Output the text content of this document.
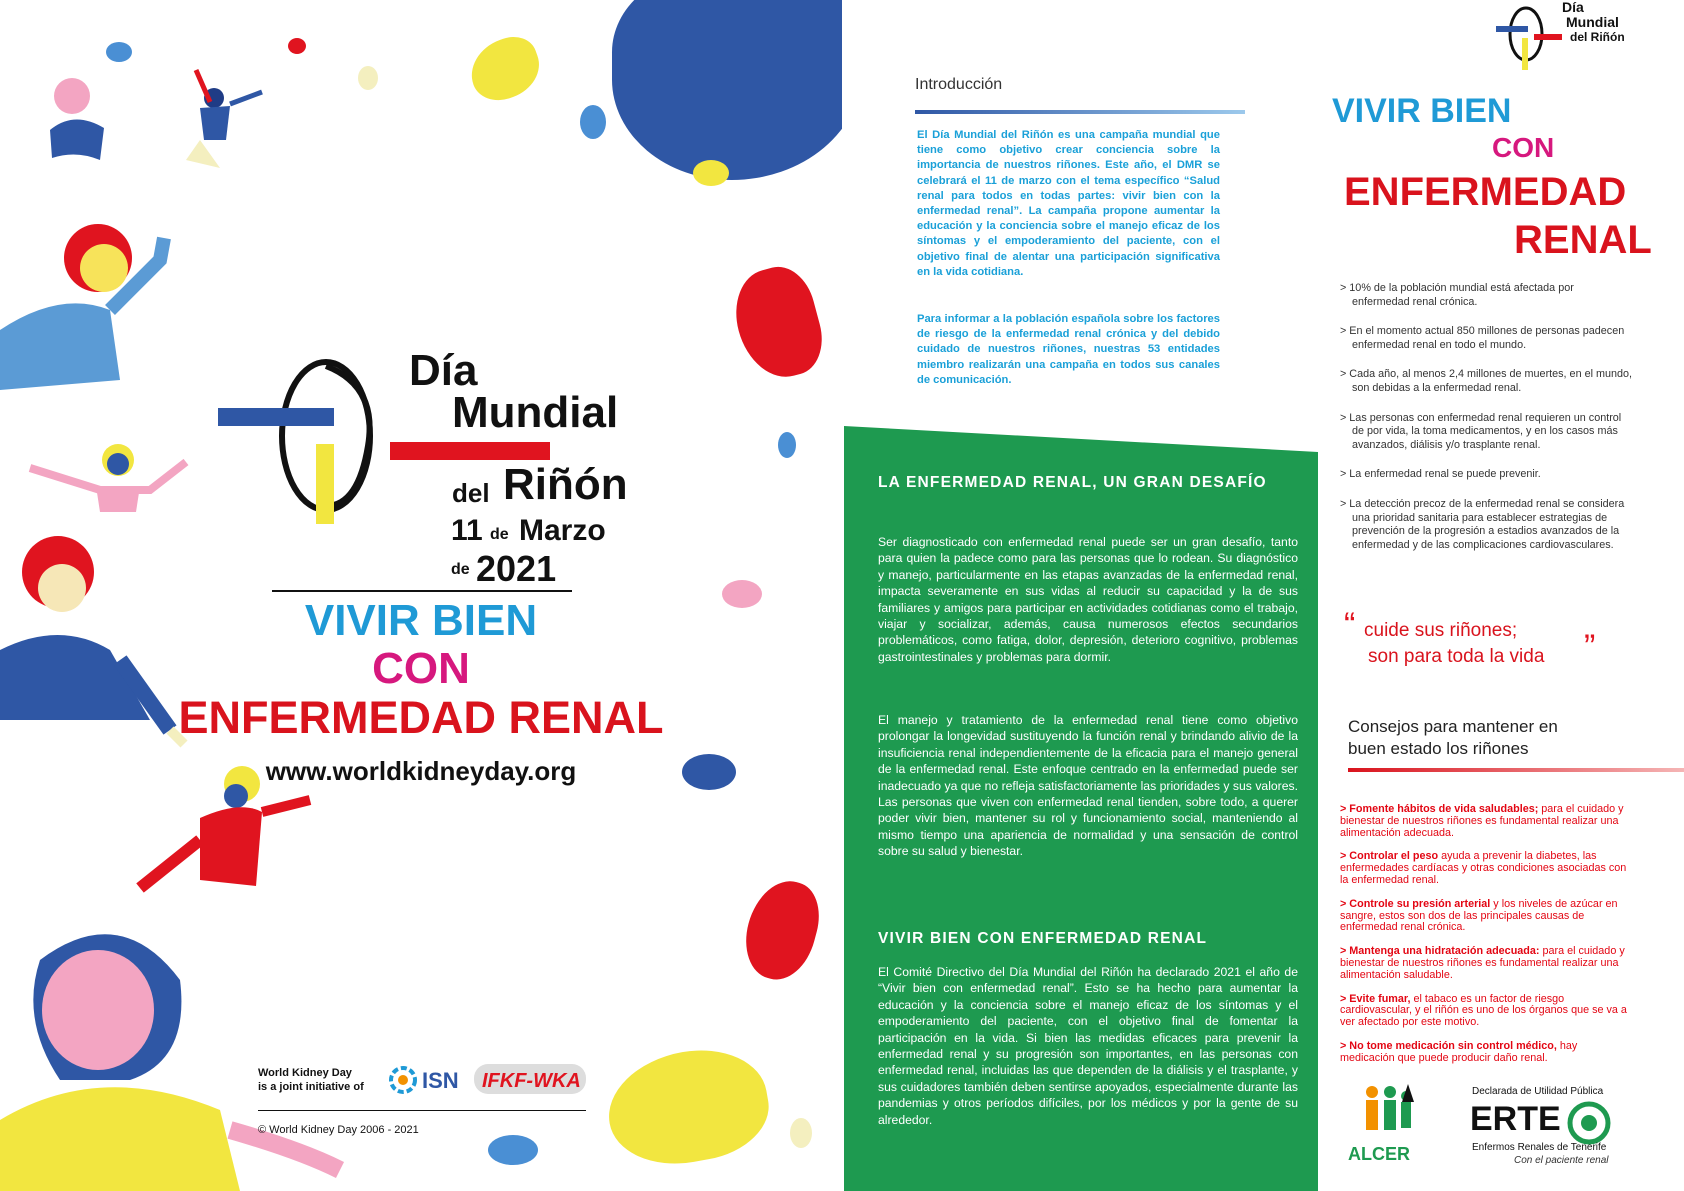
Día
Mundial
del Riñón
11 de Marzo
de 2021
VIVIR BIEN
CON
ENFERMEDAD RENAL
www.worldkidneyday.org
World Kidney Day
is a joint initiative of	ISN IFKF-WKA
© World Kidney Day 2006 - 2021
Día
Mundial
del Riñón
Introducción
El Día Mundial del Riñón es una campaña mundial que tiene como objetivo crear conciencia sobre la importancia de nuestros riñones. Este año, el DMR se celebrará el 11 de marzo con el tema específico “Salud renal para todos en todas partes: vivir bien con la enfermedad renal”. La campaña propone aumentar la educación y la conciencia sobre el manejo eficaz de los síntomas y el empoderamiento del paciente, con el objetivo final de alentar una participación significativa en la vida cotidiana.
Para informar a la población española sobre los factores de riesgo de la enfermedad renal crónica y del debido cuidado de nuestros riñones, nuestras 53 entidades miembro realizarán una campaña en todos sus canales de comunicación.
LA ENFERMEDAD RENAL, UN GRAN DESAFÍO
Ser diagnosticado con enfermedad renal puede ser un gran desafío, tanto para quien la padece como para las personas que lo rodean. Su diagnóstico y manejo, particularmente en las etapas avanzadas de la enfermedad renal, impacta severamente en sus vidas al reducir su capacidad y la de sus familiares y amigos para participar en actividades cotidianas como el trabajo, viajar y socializar, además, causa numerosos efectos secundarios problemáticos, como fatiga, dolor, depresión, deterioro cognitivo, problemas gastrointestinales y problemas para dormir.
El manejo y tratamiento de la enfermedad renal tiene como objetivo prolongar la longevidad sustituyendo la función renal y brindando alivio de la insuficiencia renal independientemente de la eficacia para el manejo general de la enfermedad renal. Este enfoque centrado en la enfermedad puede ser inadecuado ya que no refleja satisfactoriamente las prioridades y sus valores. Las personas que viven con enfermedad renal tienden, sobre todo, a querer poder vivir bien, mantener su rol y funcionamiento social, manteniendo al mismo tiempo una apariencia de normalidad y una sensación de control sobre su salud y bienestar.
VIVIR BIEN CON ENFERMEDAD RENAL
El Comité Directivo del Día Mundial del Riñón ha declarado 2021 el año de “Vivir bien con enfermedad renal”. Esto se ha hecho para aumentar la educación y la conciencia sobre el manejo eficaz de los síntomas y el empoderamiento del paciente, con el objetivo final de fomentar la participación en la vida. Si bien las medidas eficaces para prevenir la enfermedad renal y su progresión son importantes, en las personas con enfermedad renal, incluidas las que dependen de la diálisis y el trasplante, y sus cuidadores también deben sentirse apoyados, especialmente durante las pandemias y otros períodos difíciles, por los médicos y por la gente de su alrededor.
VIVIR BIEN
CON
ENFERMEDAD
RENAL

> 10% de la población mundial está afectada por enfermedad renal crónica.

> En el momento actual 850 millones de personas padecen enfermedad renal en todo el mundo.

> Cada año, al menos 2,4 millones de muertes, en el mundo, son debidas a la enfermedad renal.

> Las personas con enfermedad renal requieren un control de por vida, la toma medicamentos, y en los casos más avanzados, diálisis y/o trasplante renal.

> La enfermedad renal se puede prevenir.

> La detección precoz de la enfermedad renal se considera una prioridad sanitaria para establecer estrategias de prevención de la progresión a estadios avanzados de la enfermedad y de las complicaciones cardiovasculares.

“ cuide sus riñones;
son para toda la vida ”
Consejos para mantener en
buen estado los riñones

> Fomente hábitos de vida saludables; para el cuidado y bienestar de nuestros riñones es fundamental realizar una alimentación adecuada.

> Controlar el peso ayuda a prevenir la diabetes, las enfermedades cardíacas y otras condiciones asociadas con la enfermedad renal.

> Controle su presión arterial y los niveles de azúcar en sangre, estos son dos de las principales causas de enfermedad renal crónica.

> Mantenga una hidratación adecuada: para el cuidado y bienestar de nuestros riñones es fundamental realizar una alimentación saludable.

> Evite fumar, el tabaco es un factor de riesgo cardiovascular, y el riñón es uno de los órganos que se va a ver afectado por este motivo.

> No tome medicación sin control médico, hay medicación que puede producir daño renal.

ALCER
Declarada de Utilidad Pública
ERTE
Enfermos Renales de Tenerife
Con el paciente renal
